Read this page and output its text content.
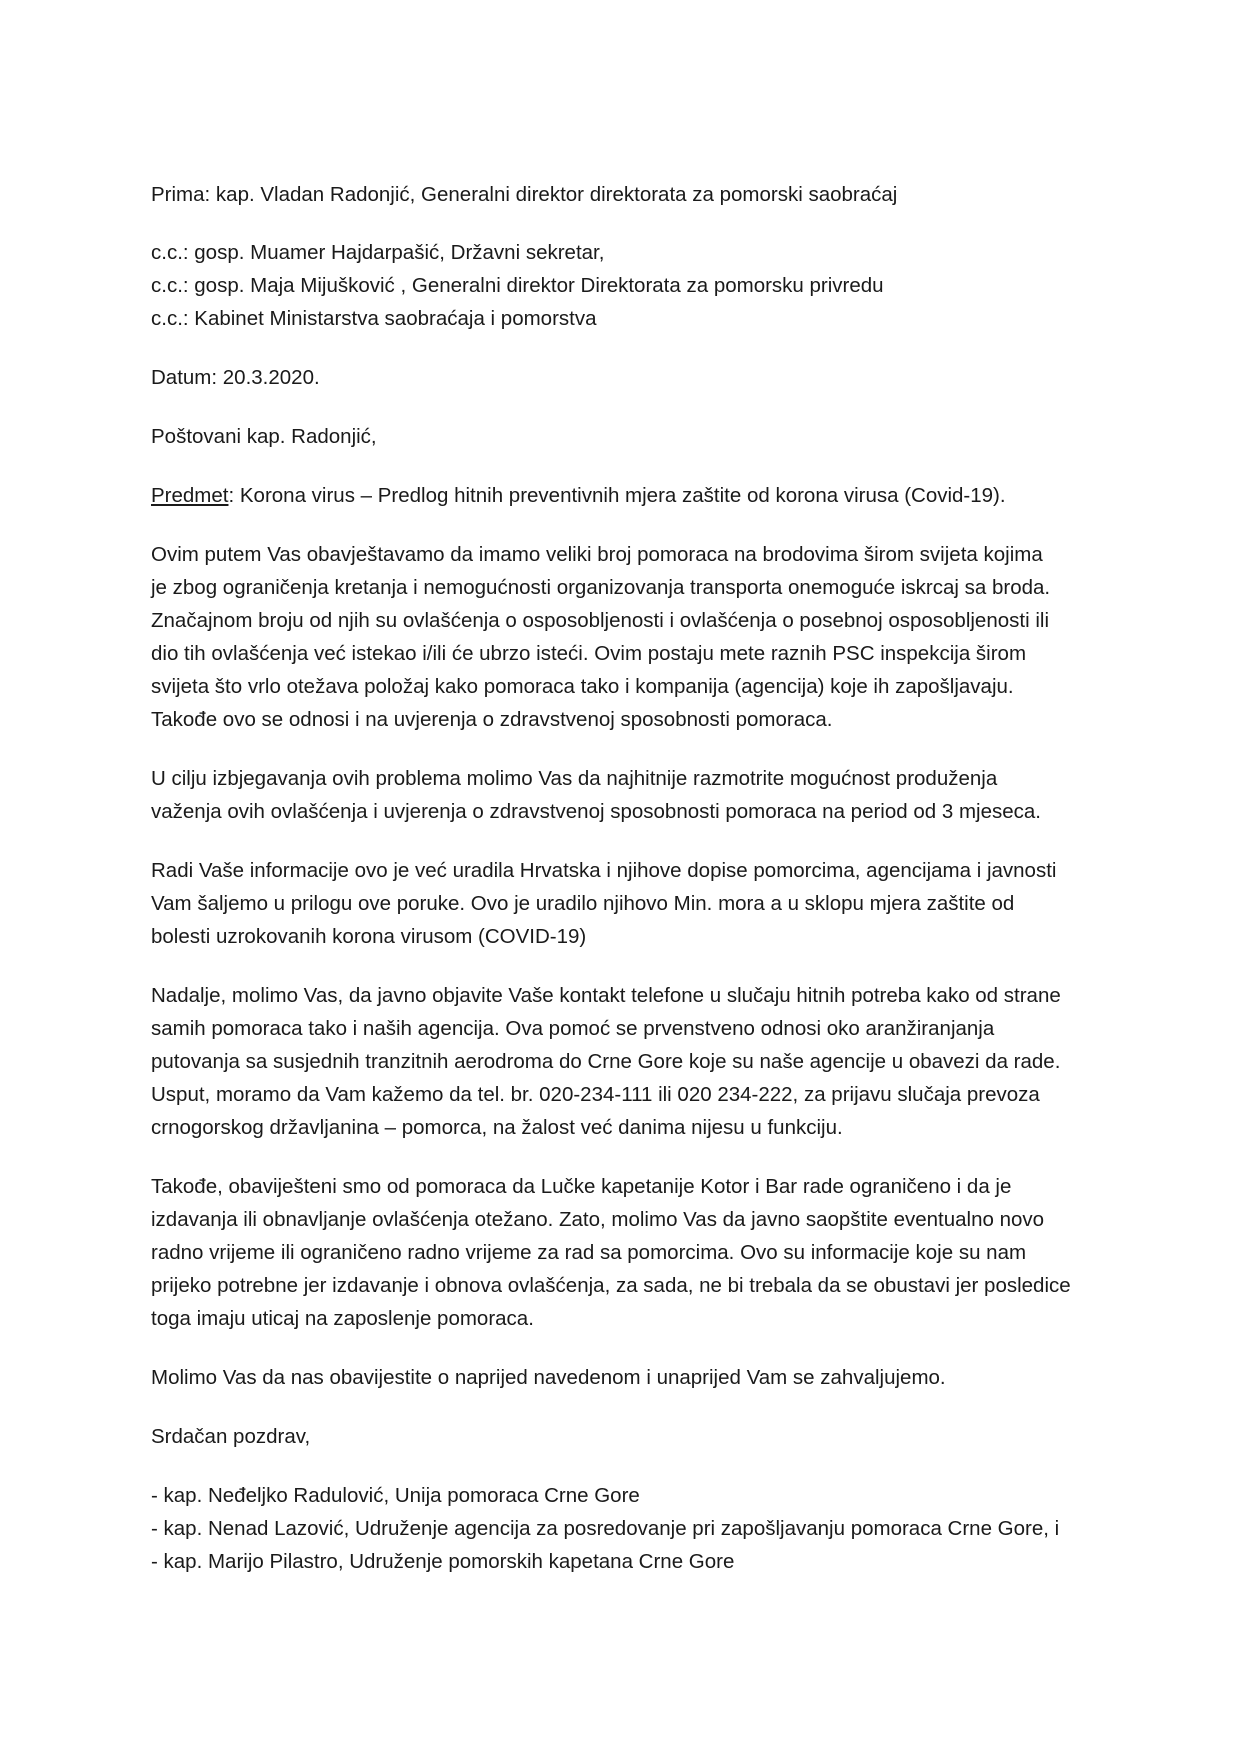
Prima: kap. Vladan Radonjić, Generalni direktor direktorata za pomorski saobraćaj

c.c.: gosp. Muamer Hajdarpašić, Državni sekretar,
c.c.: gosp. Maja Mijušković , Generalni direktor Direktorata za pomorsku privredu
c.c.: Kabinet Ministarstva saobraćaja i pomorstva

Datum: 20.3.2020.

Poštovani kap. Radonjić,

Predmet: Korona virus – Predlog hitnih preventivnih mjera zaštite od korona virusa (Covid-19).

Ovim putem Vas obavještavamo da imamo veliki broj pomoraca na brodovima širom svijeta kojima
je zbog ograničenja kretanja i nemogućnosti organizovanja transporta onemoguće iskrcaj sa broda.
Značajnom broju od njih su ovlašćenja o osposobljenosti i ovlašćenja o posebnoj osposobljenosti ili
dio tih ovlašćenja već istekao i/ili će ubrzo isteći. Ovim postaju mete raznih PSC inspekcija širom
svijeta što vrlo otežava položaj kako pomoraca tako i kompanija (agencija) koje ih zapošljavaju.
Takođe ovo se odnosi i na uvjerenja o zdravstvenoj sposobnosti pomoraca.

U cilju izbjegavanja ovih problema molimo Vas da najhitnije razmotrite mogućnost produženja
važenja ovih ovlašćenja i uvjerenja o zdravstvenoj sposobnosti pomoraca na period od 3 mjeseca.

Radi Vaše informacije ovo je već uradila Hrvatska i njihove dopise pomorcima, agencijama i javnosti
Vam šaljemo u prilogu ove poruke. Ovo je uradilo njihovo Min. mora a u sklopu mjera zaštite od
bolesti uzrokovanih korona virusom (COVID-19)

Nadalje, molimo Vas, da javno objavite Vaše kontakt telefone u slučaju hitnih potreba kako od strane
samih pomoraca tako i naših agencija. Ova pomoć se prvenstveno odnosi oko aranžiranjanja
putovanja sa susjednih tranzitnih aerodroma do Crne Gore koje su naše agencije u obavezi da rade.
Usput, moramo da Vam kažemo da tel. br. 020-234-111 ili 020 234-222, za prijavu slučaja prevoza
crnogorskog državljanina – pomorca, na žalost već danima nijesu u funkciju.

Takođe, obaviješteni smo od pomoraca da Lučke kapetanije Kotor i Bar rade ograničeno i da je
izdavanja ili obnavljanje ovlašćenja otežano. Zato, molimo Vas da javno saopštite eventualno novo
radno vrijeme ili ograničeno radno vrijeme za rad sa pomorcima. Ovo su informacije koje su nam
prijeko potrebne jer izdavanje i obnova ovlašćenja, za sada, ne bi trebala da se obustavi jer posledice
toga imaju uticaj na zaposlenje pomoraca.

Molimo Vas da nas obavijestite o naprijed navedenom i unaprijed Vam se zahvaljujemo.

Srdačan pozdrav,

- kap. Neđeljko Radulović, Unija pomoraca Crne Gore
- kap. Nenad Lazović, Udruženje agencija za posredovanje pri zapošljavanju pomoraca Crne Gore, i
- kap. Marijo Pilastro, Udruženje pomorskih kapetana Crne Gore
